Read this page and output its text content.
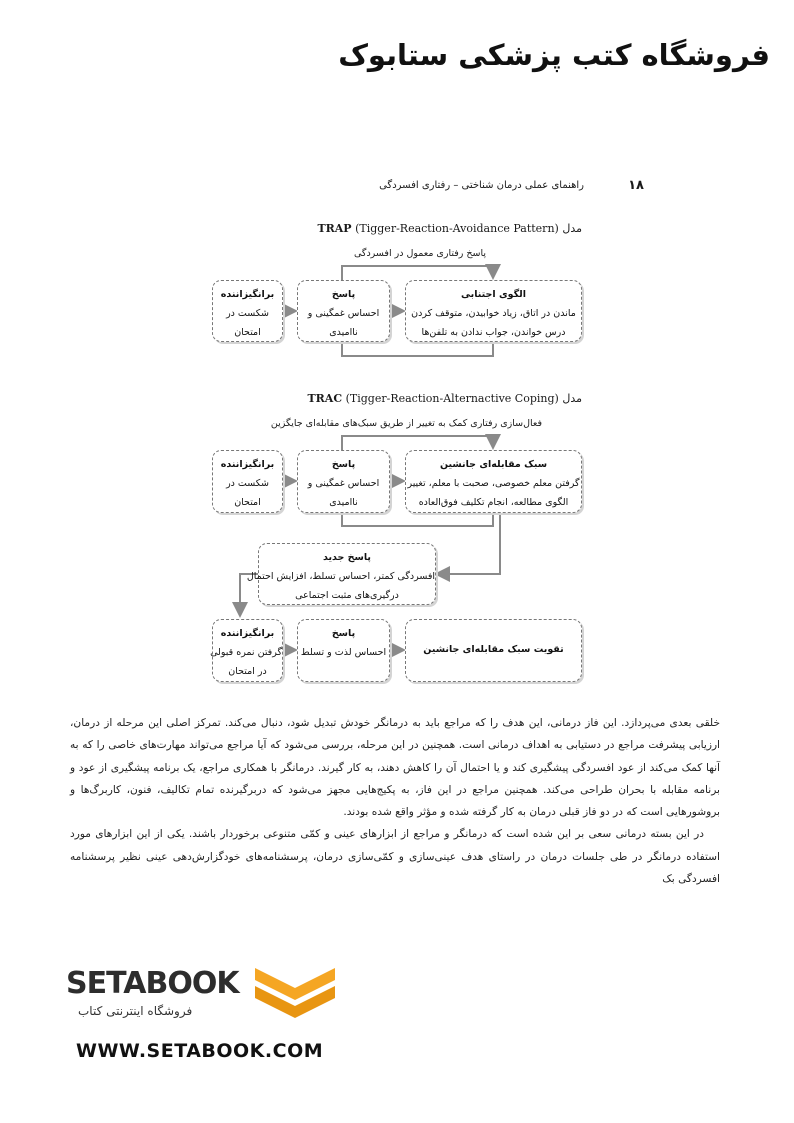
فروشگاه کتب پزشکی ستابوک
۱۸
راهنمای عملی درمان شناختی – رفتاری افسردگی
مدل TRAP (Tigger-Reaction-Avoidance Pattern)
پاسخ رفتاری معمول در افسردگی
برانگیزاننده
شکست در
امتحان
پاسخ
احساس غمگینی و
ناامیدی
الگوی اجتنابی
ماندن در اتاق، زیاد خوابیدن، متوقف کردن
درس خواندن، جواب ندادن به تلفن‌ها
مدل TRAC (Tigger-Reaction-Alternactive Coping)
فعال‌سازی رفتاری کمک به تغییر از طریق سبک‌های مقابله‌ای جایگزین
برانگیزاننده
شکست در
امتحان
پاسخ
احساس غمگینی و
ناامیدی
سبک مقابله‌ای جانشین
گرفتن معلم خصوصی، صحبت با معلم، تغییر
الگوی مطالعه، انجام تکلیف فوق‌العاده
پاسخ جدید
افسردگی کمتر، احساس تسلط، افزایش احتمال
درگیری‌های مثبت اجتماعی
برانگیزاننده
گرفتن نمره قبولی
در امتحان
پاسخ
احساس لذت و تسلط	تقویت سبک مقابله‌ای جانشین

خلقی بعدی می‌پردازد. این فاز درمانی، این هدف را که مراجع باید به درمانگر خودش تبدیل شود، دنبال می‌کند. تمرکز اصلی این مرحله از درمان، ارزیابی پیشرفت مراجع در دستیابی به اهداف درمانی است. همچنین در این مرحله، بررسی می‌شود که آیا مراجع می‌تواند مهارت‌های خاصی را که به آنها کمک می‌کند از عود افسردگی پیشگیری کند و یا احتمال آن را کاهش دهند، به کار گیرند. درمانگر با همکاری مراجع، یک برنامه پیشگیری از عود و برنامه مقابله با بحران طراحی می‌کند. همچنین مراجع در این فاز، به پکیج‌هایی مجهز می‌شود که دربرگیرنده تمام تکالیف، فنون، کاربرگ‌ها و بروشورهایی است که در دو فاز قبلی درمان به کار گرفته شده و مؤثر واقع شده بودند.

در این بسته درمانی سعی بر این شده است که درمانگر و مراجع از ابزارهای عینی و کمّی متنوعی برخوردار باشند. یکی از این ابزارهای مورد استفاده درمانگر در طی جلسات درمان در راستای هدف عینی‌سازی و کمّی‌سازی درمان، پرسشنامه‌های خودگزارش‌دهی عینی نظیر پرسشنامه افسردگی بک

SETABOOK
فروشگاه اینترنتی کتاب
WWW.SETABOOK.COM
